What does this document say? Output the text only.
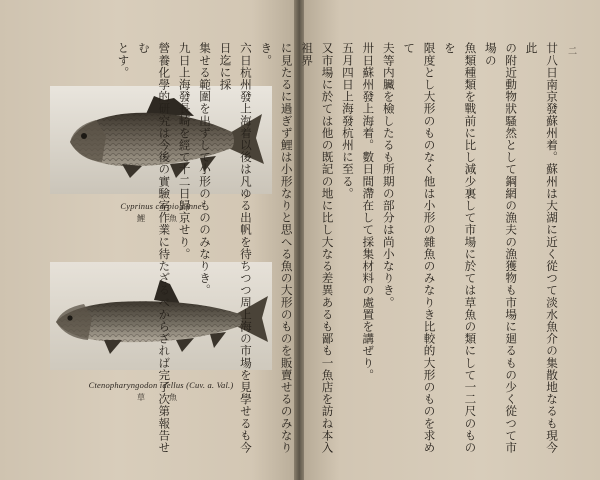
Cyprinus carpio Linne
鯉　魚
Ctenopharyngodon idellus (Cuv. a. Val.)
草　魚
二

廿八日南京發蘇州着。蘇州は大湖に近く從つて淡水魚介の集散地なるも現今此

の附近動物狀騷然として鋼網の漁夫の漁獲物も市場に廻るもの少く從つて市場の

魚類種類を戰前に比し減少裏して市場に於ては草魚の類にして一二尺のものを

限度とし大形のものなく他は小形の雜魚のみなりき比較的大形のものを求めて

夫等内臟を檢したるも所期の部分は尚小なりき。

卅日蘇州發上海着。數日間滯在して採集材料の處置を講ぜり。

五月四日上海發杭州に至る。

又市場に於ては他の既記の地に比し大なる差異あるも鄙も一魚店を訪ね本入祖界

に見たるに過ぎず鯉は小形なりと思へる魚の大形のものを販賣せるのみなりき。

六日杭州發上海着以後は凡ゆる出帆を待ちつつ周上海の市場を見學せるも今日迄に採

集せる範圍を出ずして小形のもののみなりき。

九日上海發長崎を經て十二日歸京せり。

營養化學的研究は今後の實驗室作業に待たざるべからざれば完了次第報告せむ

とす。
